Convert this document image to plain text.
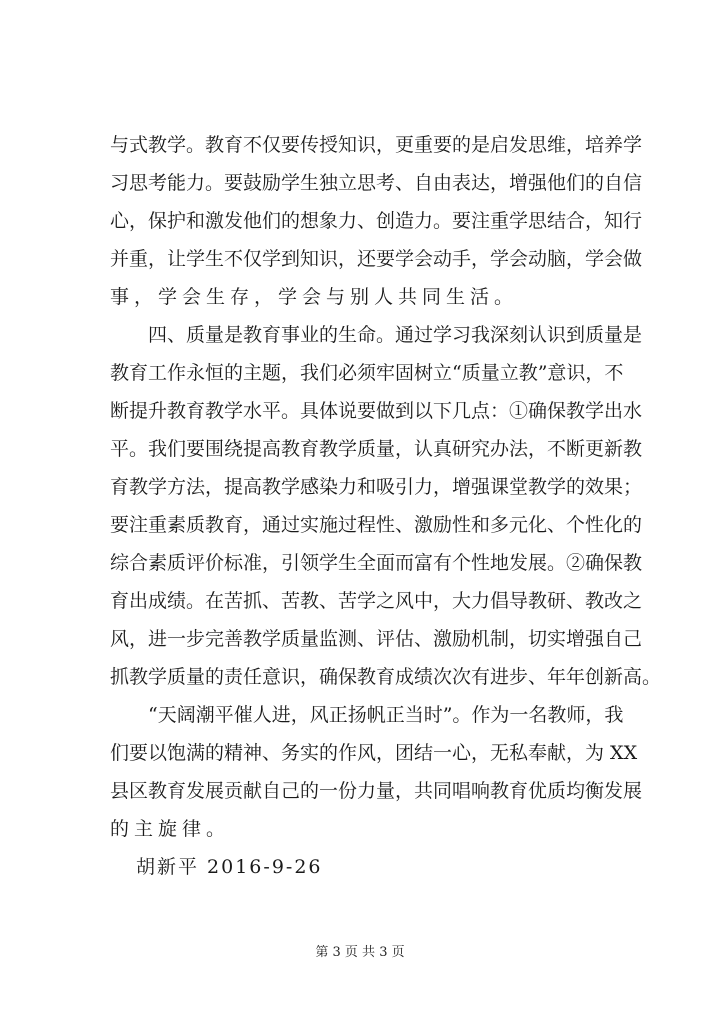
与式教学。教育不仅要传授知识，更重要的是启发思维，培养学
习思考能力。要鼓励学生独立思考、自由表达，增强他们的自信
心，保护和激发他们的想象力、创造力。要注重学思结合，知行
并重，让学生不仅学到知识，还要学会动手，学会动脑，学会做
事，学会生存，学会与别人共同生活。
四、质量是教育事业的生命。通过学习我深刻认识到质量是
教育工作永恒的主题，我们必须牢固树立“质量立教”意识，不
断提升教育教学水平。具体说要做到以下几点：①确保教学出水
平。我们要围绕提高教育教学质量，认真研究办法，不断更新教
育教学方法，提高教学感染力和吸引力，增强课堂教学的效果；
要注重素质教育，通过实施过程性、激励性和多元化、个性化的
综合素质评价标准，引领学生全面而富有个性地发展。②确保教
育出成绩。在苦抓、苦教、苦学之风中，大力倡导教研、教改之
风，进一步完善教学质量监测、评估、激励机制，切实增强自己
抓教学质量的责任意识，确保教育成绩次次有进步、年年创新高。
“天阔潮平催人进，风正扬帆正当时”。作为一名教师，我
们要以饱满的精神、务实的作风，团结一心，无私奉献，为 XX
县区教育发展贡献自己的一份力量，共同唱响教育优质均衡发展
的主旋律。
胡新平 2016-9-26
第 3 页 共 3 页
